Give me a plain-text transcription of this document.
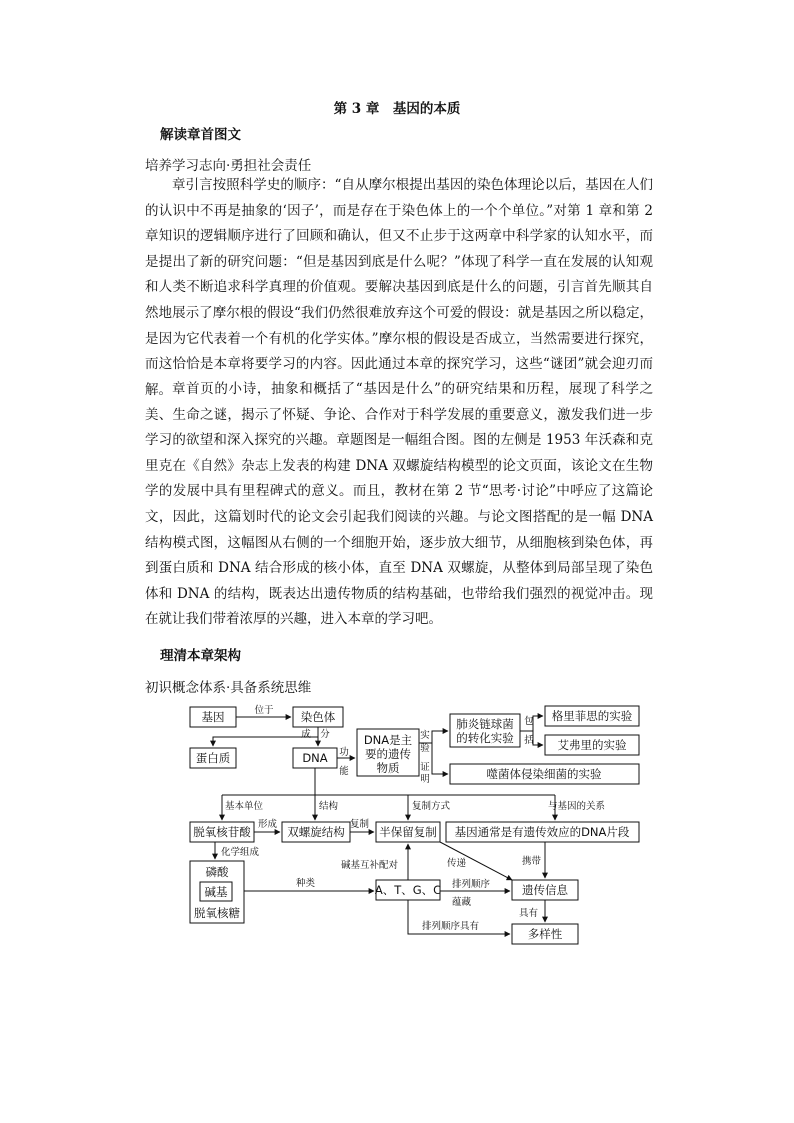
第 3 章　基因的本质
解读章首图文
培养学习志向·勇担社会责任

章引言按照科学史的顺序：“自从摩尔根提出基因的染色体理论以后，基因在人们的认识中不再是抽象的‘因子’，而是存在于染色体上的一个个单位。”对第 1 章和第 2 章知识的逻辑顺序进行了回顾和确认，但又不止步于这两章中科学家的认知水平，而是提出了新的研究问题：“但是基因到底是什么呢？”体现了科学一直在发展的认知观和人类不断追求科学真理的价值观。要解决基因到底是什么的问题，引言首先顺其自然地展示了摩尔根的假设“我们仍然很难放弃这个可爱的假设：就是基因之所以稳定，是因为它代表着一个有机的化学实体。”摩尔根的假设是否成立，当然需要进行探究，而这恰恰是本章将要学习的内容。因此通过本章的探究学习，这些“谜团”就会迎刃而解。 章首页的小诗，抽象和概括了“基因是什么”的研究结果和历程，展现了科学之美、生命之谜，揭示了怀疑、争论、合作对于科学发展的重要意义，激发我们进一步学习的欲望和深入探究的兴趣。章题图是一幅组合图。图的左侧是 1953 年沃森和克里克在《自然》杂志上发表的构建 DNA 双螺旋结构模型的论文页面，该论文在生物学的发展中具有里程碑式的意义。而且，教材在第 2 节“思考·讨论”中呼应了这篇论文，因此，这篇划时代的论文会引起我们阅读的兴趣。与论文图搭配的是一幅 DNA 结构模式图，这幅图从右侧的一个细胞开始，逐步放大细节，从细胞核到染色体，再到蛋白质和 DNA 结合形成的核小体，直至 DNA 双螺旋，从整体到局部呈现了染色体和 DNA 的结构，既表达出遗传物质的结构基础，也带给我们强烈的视觉冲击。现在就让我们带着浓厚的兴趣，进入本章的学习吧。

理清本章架构
初识概念体系·具备系统思维
基因	染色体
蛋白质	DNA
DNA是主
要的遗传
物质
肺炎链球菌
的转化实验
格里菲思的实验
艾弗里的实验
噬菌体侵染细菌的实验
脱氧核苷酸	双螺旋结构	半保留复制 基因通常是有遗传效应的DNA片段
磷酸
碱基
脱氧核糖
A、T、G、C	遗传信息
多样性
位于
成 分
功
能
实
验
证
明
包
括
基本单位	结构	复制方式	与基因的关系
形成	复制
化学组成
碱基互补配对	传递	携带
种类	排列顺序
蕴藏
具有
排列顺序具有
